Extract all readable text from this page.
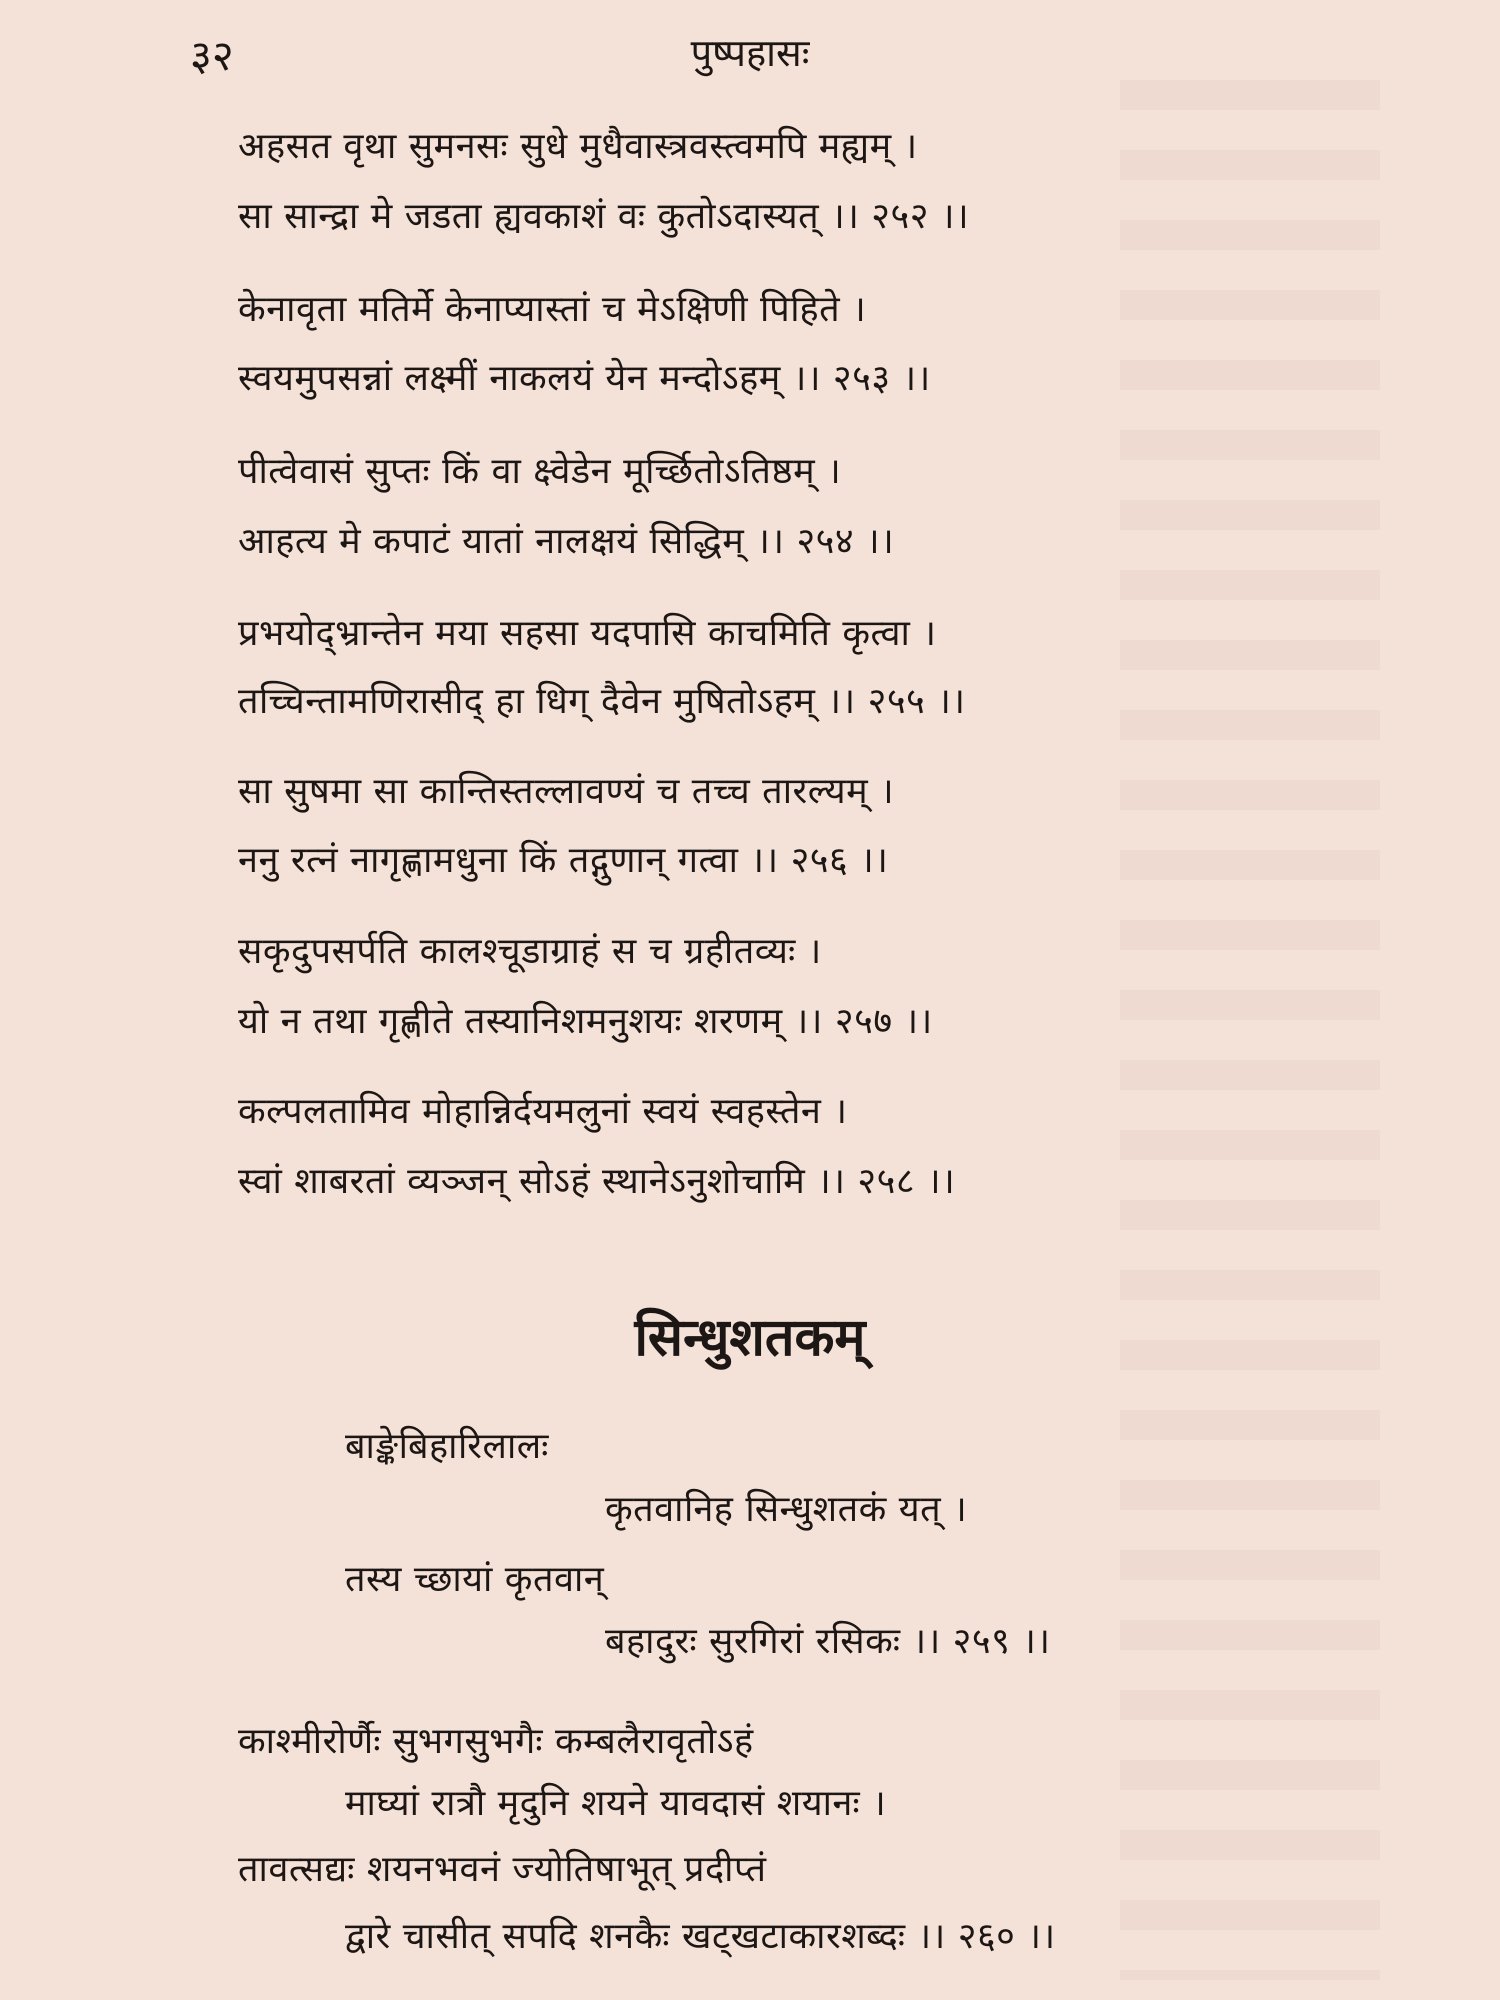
३२	पुष्पहासः
अहसत वृथा सुमनसः सुधे मुधैवास्त्रवस्त्वमपि मह्यम् ।
सा सान्द्रा मे जडता ह्यवकाशं वः कुतोऽदास्यत् ।। २५२ ।।
केनावृता मतिर्मे केनाप्यास्तां च मेऽक्षिणी पिहिते ।
स्वयमुपसन्नां लक्ष्मीं नाकलयं येन मन्दोऽहम् ।। २५३ ।।
पीत्वेवासं सुप्तः किं वा क्ष्वेडेन मूर्च्छितोऽतिष्ठम् ।
आहत्य मे कपाटं यातां नालक्षयं सिद्धिम् ।। २५४ ।।
प्रभयोद्भ्रान्तेन मया सहसा यदपासि काचमिति कृत्वा ।
तच्चिन्तामणिरासीद् हा धिग् दैवेन मुषितोऽहम् ।। २५५ ।।
सा सुषमा सा कान्तिस्तल्लावण्यं च तच्च तारल्यम् ।
ननु रत्नं नागृह्णामधुना किं तद्गुणान् गत्वा ।। २५६ ।।
सकृदुपसर्पति कालश्चूडाग्राहं स च ग्रहीतव्यः ।
यो न तथा गृह्णीते तस्यानिशमनुशयः शरणम् ।। २५७ ।।
कल्पलतामिव मोहान्निर्दयमलुनां स्वयं स्वहस्तेन ।
स्वां शाबरतां व्यञ्जन् सोऽहं स्थानेऽनुशोचामि ।। २५८ ।।
सिन्धुशतकम्
बाङ्केबिहारिलालः
कृतवानिह सिन्धुशतकं यत् ।
तस्य च्छायां कृतवान्
बहादुरः सुरगिरां रसिकः ।। २५९ ।।
काश्मीरोर्णैः सुभगसुभगैः कम्बलैरावृतोऽहं
माघ्यां रात्रौ मृदुनि शयने यावदासं शयानः ।
तावत्सद्यः शयनभवनं ज्योतिषाभूत् प्रदीप्तं
द्वारे चासीत् सपदि शनकैः खट्खटाकारशब्दः ।। २६० ।।
